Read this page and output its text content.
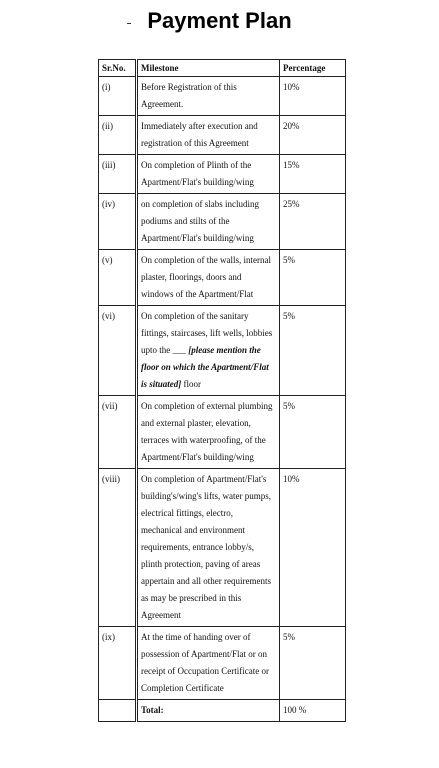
Payment Plan
Sr.No.	Milestone	Percentage
(i)	Before Registration of this Agreement.	10%
(ii)	Immediately after execution and registration of this Agreement	20%
(iii)	On completion of Plinth of the Apartment/Flat's building/wing	15%
(iv)	on completion of slabs including podiums and stilts of the Apartment/Flat's building/wing	25%
(v)	On completion of the walls, internal plaster, floorings, doors and windows of the Apartment/Flat	5%
(vi)	On completion of the sanitary fittings, staircases, lift wells, lobbies upto the ___ [please mention the floor on which the Apartment/Flat is situated] floor	5%
(vii)	On completion of external plumbing and external plaster, elevation, terraces with waterproofing, of the Apartment/Flat's building/wing	5%
(viii)	On completion of Apartment/Flat's building's/wing's lifts, water pumps, electrical fittings, electro, mechanical and environment requirements, entrance lobby/s, plinth protection, paving of areas appertain and all other requirements as may be prescribed in this Agreement	10%
(ix)	At the time of handing over of possession of Apartment/Flat or on receipt of Occupation Certificate or Completion Certificate	5%
	Total:	100 %
